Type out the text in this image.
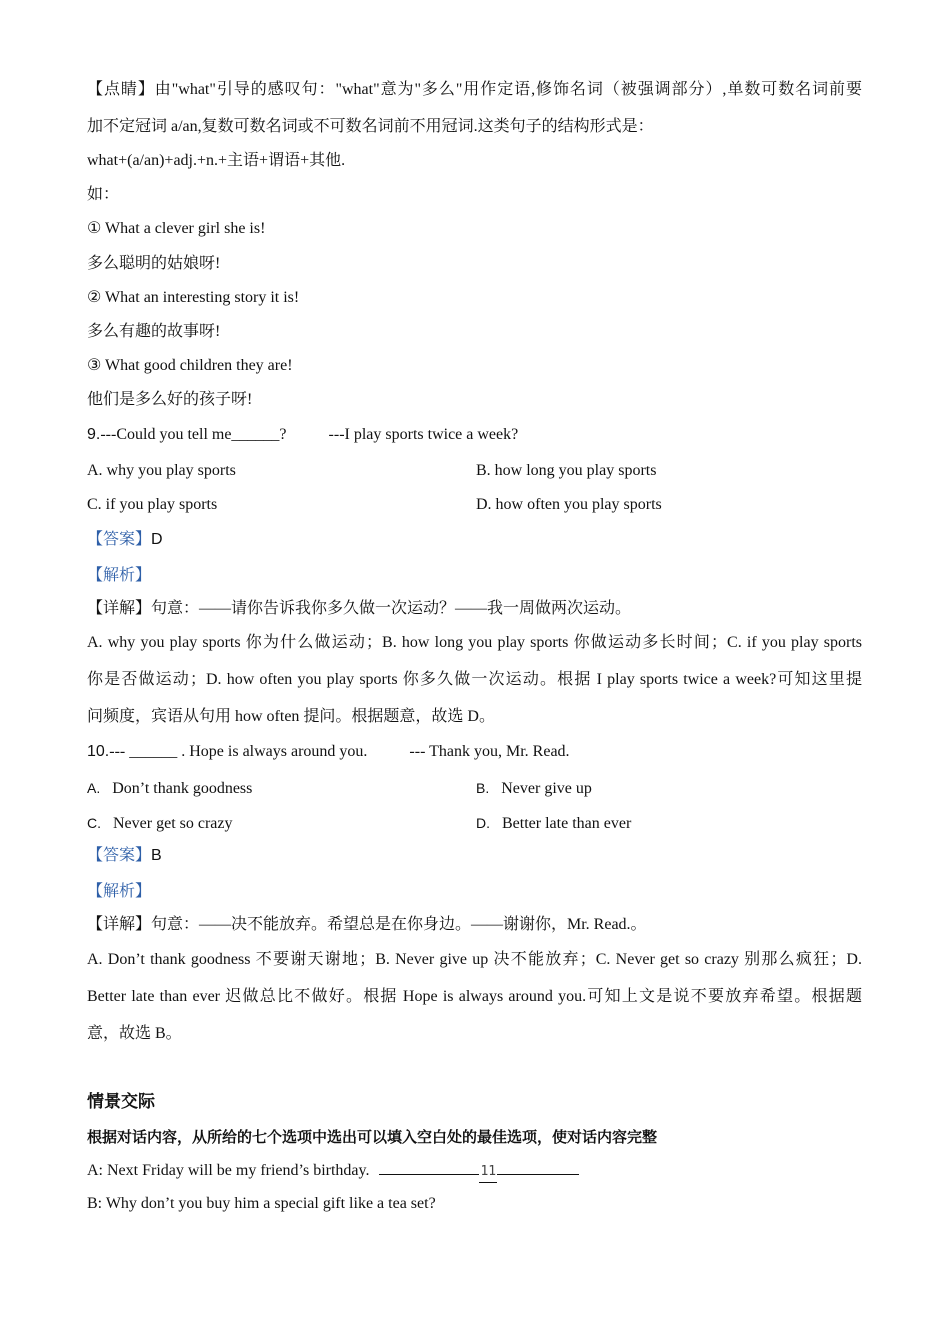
【点睛】由"what"引导的感叹句："what"意为"多么"用作定语,修饰名词（被强调部分）,单数可数名词前要
加不定冠词 a/an,复数可数名词或不可数名词前不用冠词.这类句子的结构形式是：
what+(a/an)+adj.+n.+主语+谓语+其他.
如：
① What a clever girl she is!
多么聪明的姑娘呀!
② What an interesting story it is!
多么有趣的故事呀!
③ What good children they are!
他们是多么好的孩子呀!
9.---Could you tell me______?	---I play sports twice a week?
A. why you play sports	B. how long you play sports
C. if you play sports	D. how often you play sports
【答案】D
【解析】
【详解】句意：——请你告诉我你多久做一次运动？——我一周做两次运动。
A. why you play sports 你为什么做运动；B. how long you play sports 你做运动多长时间；C. if you play sports
你是否做运动；D. how often you play sports 你多久做一次运动。根据 I play sports twice a week?可知这里提
问频度，宾语从句用 how often 提问。根据题意，故选 D。
10.--- ______ . Hope is always around you.	--- Thank you, Mr. Read.
A. Don’t thank goodness	B. Never give up
C. Never get so crazy	D. Better late than ever
【答案】B
【解析】
【详解】句意：——决不能放弃。希望总是在你身边。——谢谢你，Mr. Read.。
A. Don’t thank goodness 不要谢天谢地；B. Never give up 决不能放弃；C. Never get so crazy 别那么疯狂；D.
Better late than ever 迟做总比不做好。根据 Hope is always around you.可知上文是说不要放弃希望。根据题
意，故选 B。
情景交际
根据对话内容，从所给的七个选项中选出可以填入空白处的最佳选项，使对话内容完整
A: Next Friday will be my friend’s birthday.	11
B: Why don’t you buy him a special gift like a tea set?
